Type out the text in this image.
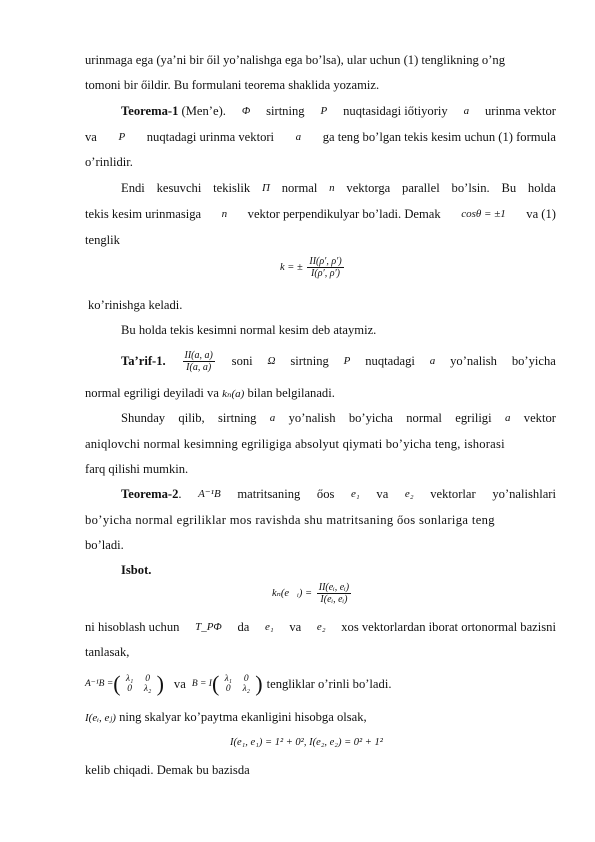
urinmaga ega (ya’ni bir őil yo’nalishga ega bo’lsa), ular uchun (1) tenglikning o’ng
tomoni bir őildir. Bu formulani teorema shaklida yozamiz.
Teorema-1 (Men’e). Φ sirtning P nuqtasidagi iőtiyoriy a urinma vektor
va P nuqtadagi urinma vektori a ga teng bo’lgan tekis kesim uchun (1) formula
o’rinlidir.
Endi kesuvchi tekislik Π normal n vektorga parallel bo’lsin. Bu holda
tekis kesim urinmasiga n vektor perpendikulyar bo’ladi. Demak cosθ = ±1 va (1)
tenglik
k = ± $\frac{II(\rho', \rho')}{I(\rho', \rho')}$
ko’rinishga keladi.
Bu holda tekis kesimni normal kesim deb ataymiz.
Ta’rif-1. $\frac{II(a, a)}{I(a, a)}$ soni Ω sirtning P nuqtadagi a yo’nalish bo’yicha
normal egriligi deyiladi va kₙ(a) bilan belgilanadi.
Shunday qilib, sirtning a yo’nalish bo’yicha normal egriligi a vektor
aniqlovchi normal kesimning egriligiga absolyut qiymati bo’yicha teng, ishorasi
farq qilishi mumkin.
Teorema-2. A⁻¹B matritsaning őos e₁ va e₂ vektorlar yo’nalishlari
bo’yicha normal egriliklar mos ravishda shu matritsaning őos sonlariga teng
bo’ladi.
Isbot.
kₙ(e⃗ᵢ) = $\frac{\text{II(eᵢ, eᵢ)}}{\text{I(eᵢ, eᵢ)}}$
ni hisoblash uchun T_PΦ da e₁ va e₂ xos vektorlardan iborat ortonormal bazisni
tanlasak,
A⁻¹B = ( λ₁	0
0	λ₂ ) va B = I ( λ₁	0
0	λ₂ ) tengliklar o’rinli bo’ladi.
I(eᵢ, eⱼ) ning skalyar ko’paytma ekanligini hisobga olsak,
I(e₁, e₁) = 1² + 0², I(e₂, e₂) = 0² + 1²
kelib chiqadi. Demak bu bazisda
